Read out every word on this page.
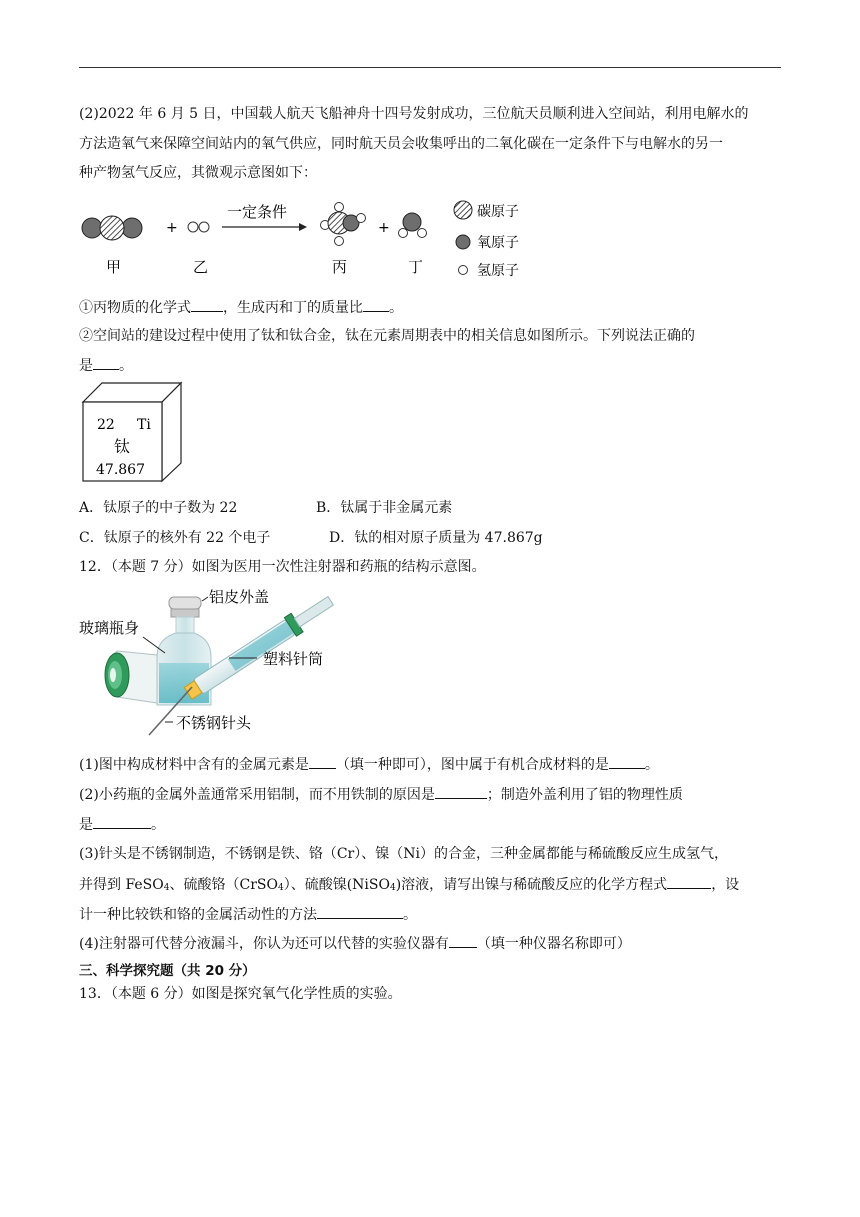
(2)2022 年 6 月 5 日，中国载人航天飞船神舟十四号发射成功，三位航天员顺利进入空间站，利用电解水的
方法造氧气来保障空间站内的氧气供应，同时航天员会收集呼出的二氧化碳在一定条件下与电解水的另一
种产物氢气反应，其微观示意图如下：
+
一定条件
+
甲	乙	丙	丁
碳原子
氧原子
氢原子
①丙物质的化学式 ，生成丙和丁的质量比 。
②空间站的建设过程中使用了钛和钛合金，钛在元素周期表中的相关信息如图所示。下列说法正确的
是 。
22 Ti
钛
47.867
A．钛原子的中子数为 22	B．钛属于非金属元素
C．钛原子的核外有 22 个电子	D．钛的相对原子质量为 47.867g
12．（本题 7 分）如图为医用一次性注射器和药瓶的结构示意图。
铝皮外盖
玻璃瓶身
塑料针筒
不锈钢针头
(1)图中构成材料中含有的金属元素是 （填一种即可），图中属于有机合成材料的是	。
(2)小药瓶的金属外盖通常采用铝制，而不用铁制的原因是	；制造外盖利用了铝的物理性质
是	。
(3)针头是不锈钢制造，不锈钢是铁、铬（Cr）、镍（Ni）的合金，三种金属都能与稀硫酸反应生成氢气，
并得到 FeSO$_4$、硫酸铬（CrSO$_4$）、硫酸镍(NiSO$_4$)溶液，请写出镍与稀硫酸反应的化学方程式	，设
计一种比较铁和铬的金属活动性的方法	。
(4)注射器可代替分液漏斗，你认为还可以代替的实验仪器有 （填一种仪器名称即可）
三、科学探究题（共 20 分）
13．（本题 6 分）如图是探究氧气化学性质的实验。
